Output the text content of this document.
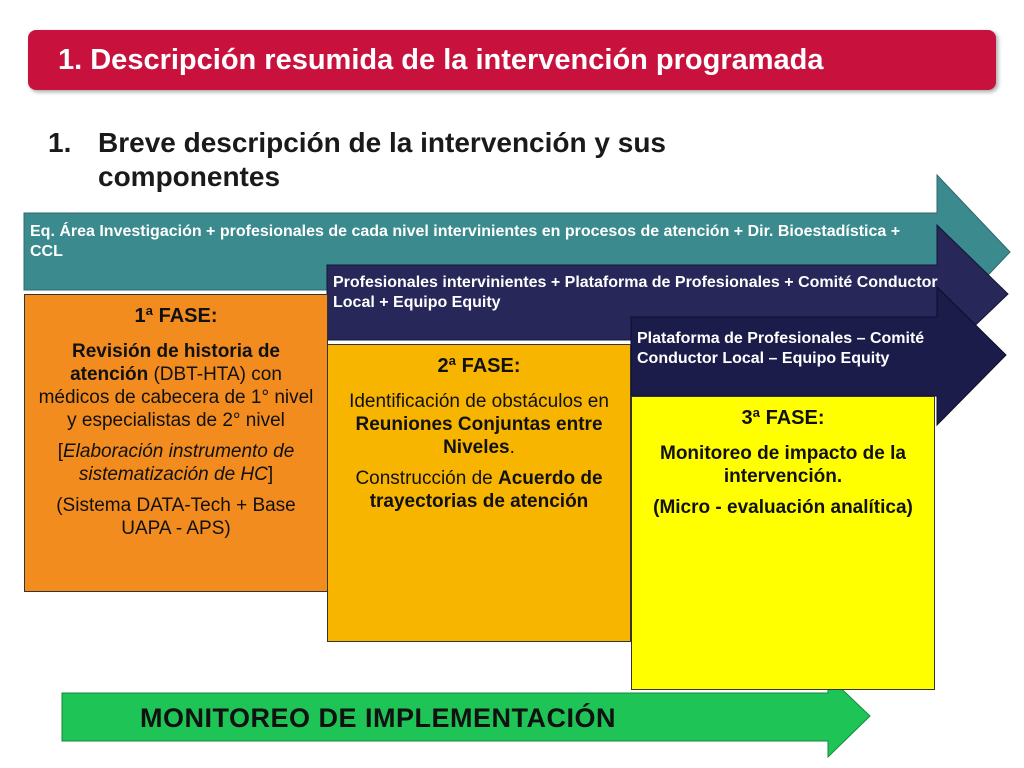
1. Descripción resumida de la intervención programada
1. Breve descripción de la intervención y sus componentes
Eq. Área Investigación + profesionales de cada nivel intervinientes en procesos de atención + Dir. Bioestadística + CCL
Profesionales intervinientes + Plataforma de Profesionales + Comité Conductor Local + Equipo Equity
Plataforma de Profesionales – Comité Conductor Local – Equipo Equity
1ª FASE:

Revisión de historia de atención (DBT-HTA) con médicos de cabecera de 1° nivel y especialistas de 2° nivel

[Elaboración instrumento de sistematización de HC]

(Sistema DATA-Tech + Base UAPA - APS)

2ª FASE:

Identificación de obstáculos en Reuniones Conjuntas entre Niveles.

Construcción de Acuerdo de trayectorias de atención

3ª FASE:

Monitoreo de impacto de la intervención.

(Micro - evaluación analítica)

MONITOREO DE IMPLEMENTACIÓN
